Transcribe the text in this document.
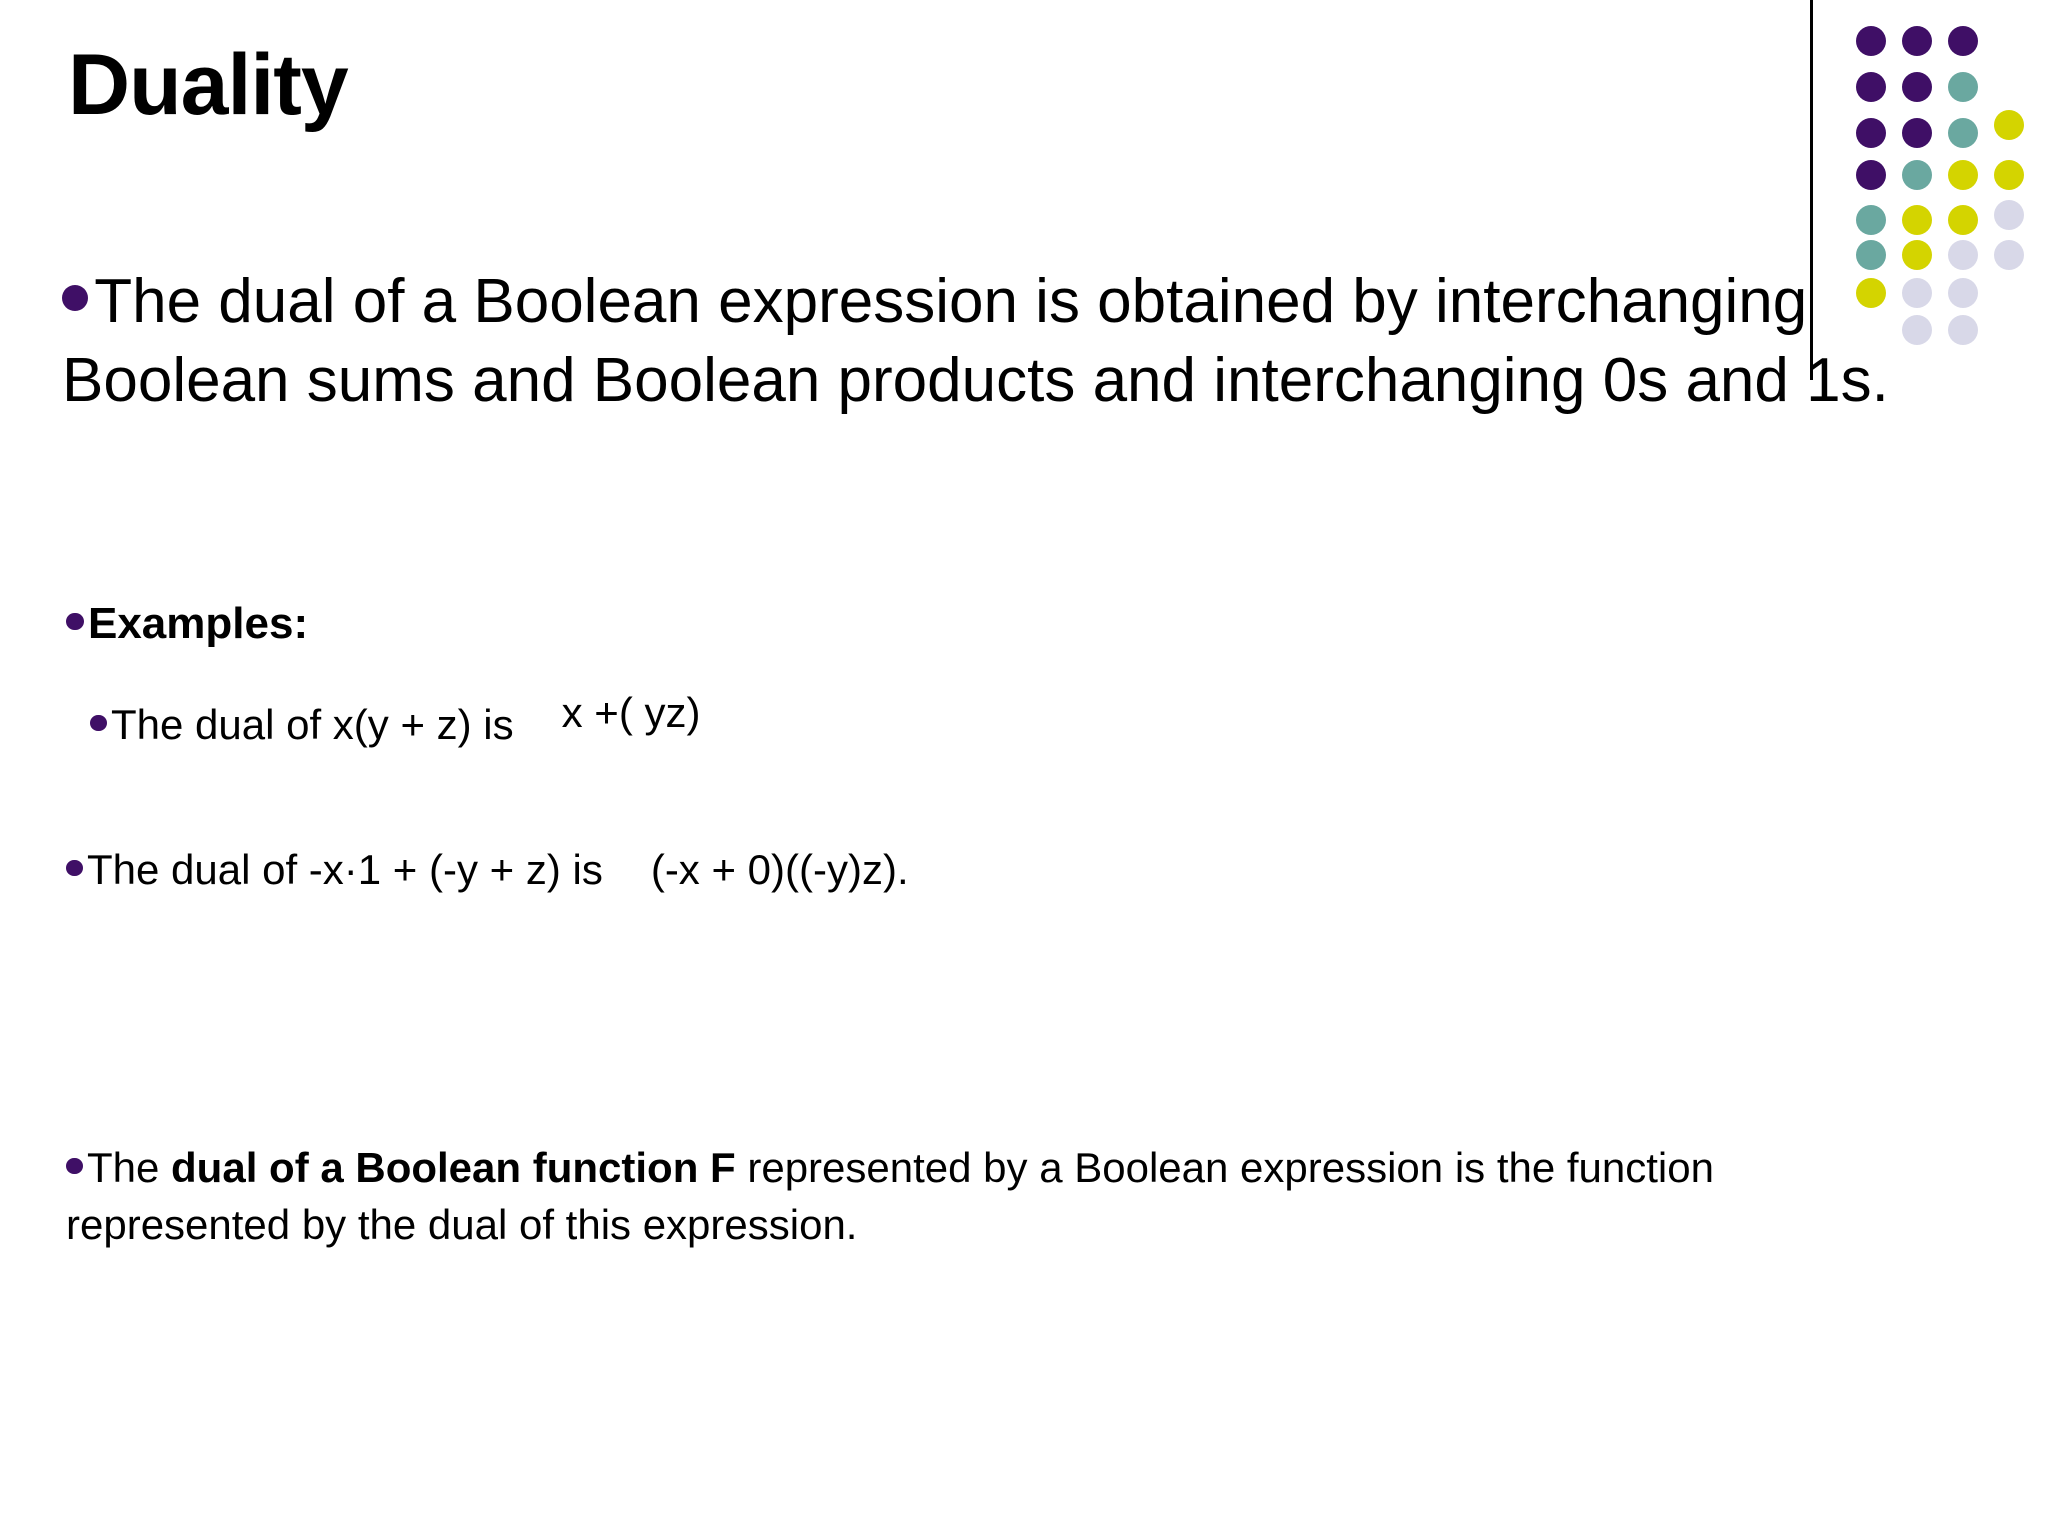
Duality
The dual of a Boolean expression is obtained by interchanging Boolean sums and Boolean products and interchanging 0s and 1s.
Examples:
The dual of x(y + z) is x +( yz)
The dual of -x·1 + (-y + z) is (-x + 0)((-y)z).
The dual of a Boolean function F represented by a Boolean expression is the function represented by the dual of this expression.
